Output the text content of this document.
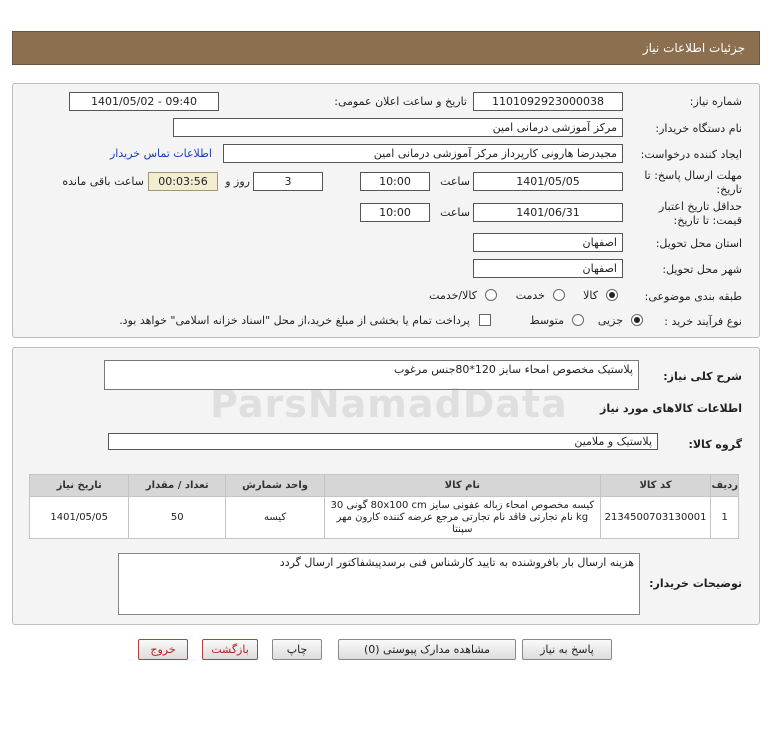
جزئیات اطلاعات نیاز
شماره نیاز:
1101092923000038
تاریخ و ساعت اعلان عمومی:
1401/05/02 - 09:40
نام دستگاه خریدار:
مرکز آموزشی درمانی امین
ایجاد کننده درخواست:
مجیدرضا هارونی کارپرداز مرکز آموزشی درمانی امین
اطلاعات تماس خریدار
مهلت ارسال پاسخ: تا
تاریخ:
1401/05/05
ساعت
10:00
3
روز و
00:03:56
ساعت باقی مانده
حداقل تاریخ اعتبار
قیمت: تا تاریخ:
1401/06/31
ساعت
10:00
استان محل تحویل:
اصفهان
شهر محل تحویل:
اصفهان
طبقه بندی موضوعی:
کالا
خدمت
کالا/خدمت
نوع فرآیند خرید :
جزیی
متوسط
پرداخت تمام یا بخشی از مبلغ خرید،از محل "اسناد خزانه اسلامی" خواهد بود.
شرح کلی نیاز:
پلاستیک مخصوص امحاء سایز 120*80جنس مرغوب
اطلاعات کالاهای مورد نیاز
گروه کالا:
پلاستیک و ملامین
ردیف	کد کالا	نام کالا	واحد شمارش	تعداد / مقدار	تاریخ نیاز
1	2134500703130001	کیسه مخصوص امحاء زباله عفونی سایز 80x100 cm گونی 30 kg نام تجارتی فاقد نام تجارتی مرجع عرضه کننده کارون مهر سپنتا	کیسه	50	1401/05/05
توضیحات خریدار:
هزینه ارسال بار بافروشنده به تایید کارشناس فنی برسدپیشفاکتور ارسال گردد
ParsNamadData
پاسخ به نیاز
مشاهده مدارک پیوستی (0)
چاپ
بازگشت
خروج
